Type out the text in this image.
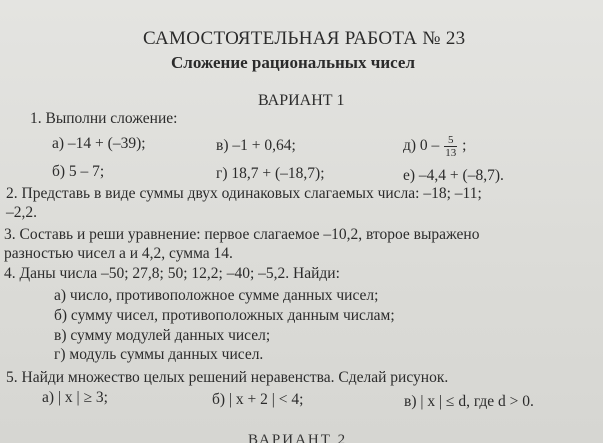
САМОСТОЯТЕЛЬНАЯ РАБОТА № 23
Сложение рациональных чисел
ВАРИАНТ 1
1. Выполни сложение:
а) –14 + (–39);	в) –1 + 0,64;	д) $0 - \frac{5}{13}$ ;
б) 5 – 7;	г) 18,7 + (–18,7);	е) –4,4 + (–8,7).
2. Представь в виде суммы двух одинаковых слагаемых числа: –18; –11;
–2,2.
3. Составь и реши уравнение: первое слагаемое –10,2, второе выражено
разностью чисел a и 4,2, сумма 14.
4. Даны числа –50; 27,8; 50; 12,2; –40; –5,2. Найди:
а) число, противоположное сумме данных чисел;
б) сумму чисел, противоположных данным числам;
в) сумму модулей данных чисел;
г) модуль суммы данных чисел.
5. Найди множество целых решений неравенства. Сделай рисунок.
а) | x | ≥ 3;	б) | x + 2 | < 4;	в) | x | ≤ d, где d > 0.
ВАРИАНТ 2
